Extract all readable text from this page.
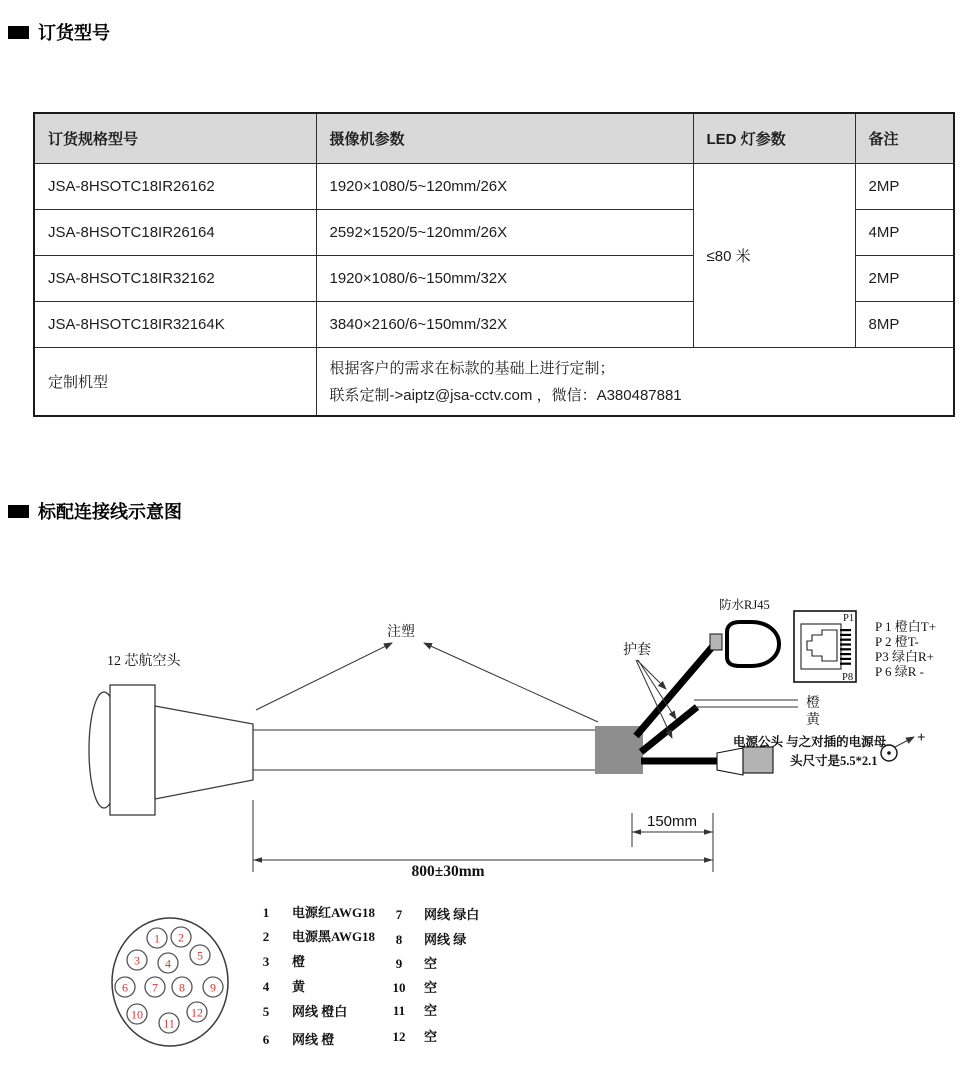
订货型号
订货规格型号	摄像机参数	LED 灯参数	备注
JSA-8HSOTC18IR26162	1920×1080/5~120mm/26X	≤80 米	2MP
JSA-8HSOTC18IR26164	2592×1520/5~120mm/26X		4MP
JSA-8HSOTC18IR32162	1920×1080/6~150mm/32X		2MP
JSA-8HSOTC18IR32164K	3840×2160/6~150mm/32X		8MP
定制机型	根据客户的需求在标款的基础上进行定制；
联系定制->aiptz@jsa-cctv.com ，微信：A380487881		
标配连接线示意图
12 芯航空头
注塑
护套
防水RJ45
P1
P8
P 1 橙白T+
P 2 橙T-
P3 绿白R+
P 6 绿R -
橙
黄
电源公头 与之对插的电源母
头尺寸是5.5*2.1
+
150mm
800±30mm
1 2
3 4
5
6 7 8 9
10
11
12
1 电源红AWG18
2 电源黑AWG18
3 橙
4 黄
5 网线 橙白
6 网线 橙
7 网线 绿白
8 网线 绿
9 空
10 空
11 空
12 空
